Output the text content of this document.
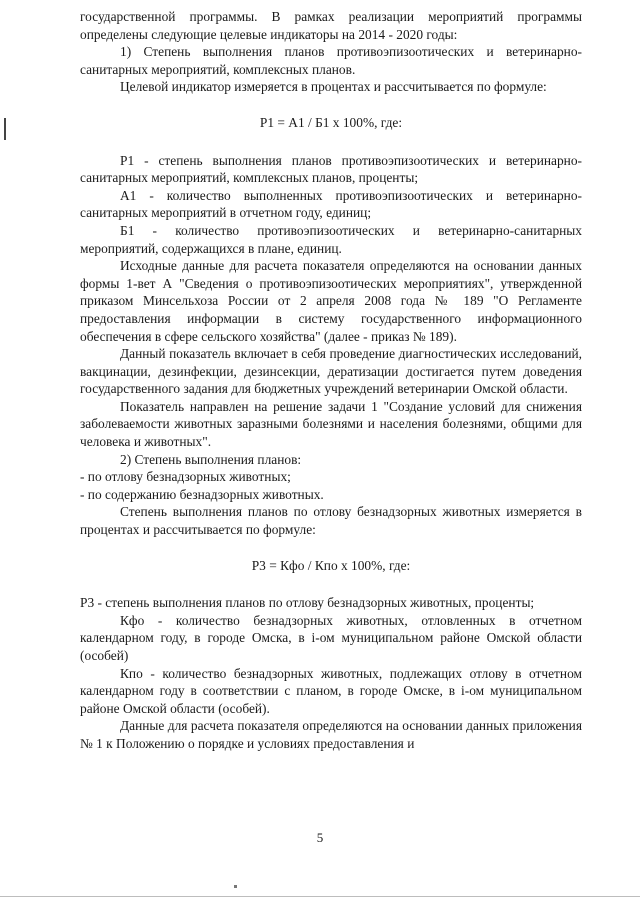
государственной программы. В рамках реализации мероприятий программы определены следующие целевые индикаторы на 2014 - 2020 годы:

1) Степень выполнения планов противоэпизоотических и ветеринарно-санитарных мероприятий, комплексных планов.

Целевой индикатор измеряется в процентах и рассчитывается по формуле:

Р1 = А1 / Б1 х 100%, где:

Р1 - степень выполнения планов противоэпизоотических и ветеринарно-санитарных мероприятий, комплексных планов, проценты;

А1 - количество выполненных противоэпизоотических и ветеринарно-санитарных мероприятий в отчетном году, единиц;

Б1 - количество противоэпизоотических и ветеринарно-санитарных мероприятий, содержащихся в плане, единиц.

Исходные данные для расчета показателя определяются на основании данных формы 1-вет А "Сведения о противоэпизоотических мероприятиях", утвержденной приказом Минсельхоза России от 2 апреля 2008 года № 189 "О Регламенте предоставления информации в систему государственного информационного обеспечения в сфере сельского хозяйства" (далее - приказ № 189).

Данный показатель включает в себя проведение диагностических исследований, вакцинации, дезинфекции, дезинсекции, дератизации достигается путем доведения государственного задания для бюджетных учреждений ветеринарии Омской области.

Показатель направлен на решение задачи 1 "Создание условий для снижения заболеваемости животных заразными болезнями и населения болезнями, общими для человека и животных".

2) Степень выполнения планов:

- по отлову безнадзорных животных;

- по содержанию безнадзорных животных.

Степень выполнения планов по отлову безнадзорных животных измеряется в процентах и рассчитывается по формуле:

Р3 = Кфо / Кпо х 100%, где:

Р3 - степень выполнения планов по отлову безнадзорных животных, проценты;

Кфо - количество безнадзорных животных, отловленных в отчетном календарном году, в городе Омска, в i-ом муниципальном районе Омской области (особей)

Кпо - количество безнадзорных животных, подлежащих отлову в отчетном календарном году в соответствии с планом, в городе Омске, в i-ом муниципальном районе Омской области (особей).

Данные для расчета показателя определяются на основании данных приложения № 1 к Положению о порядке и условиях предоставления и

5
